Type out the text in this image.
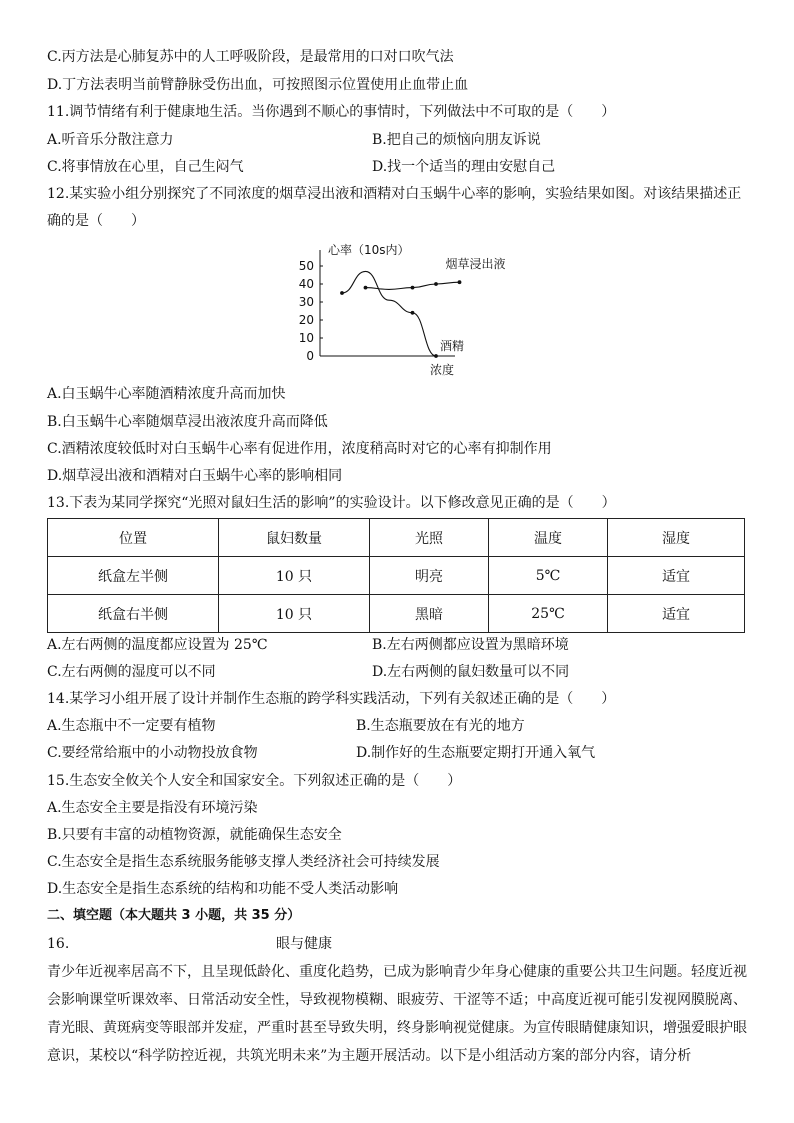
C.丙方法是心肺复苏中的人工呼吸阶段，是最常用的口对口吹气法
D.丁方法表明当前臂静脉受伤出血，可按照图示位置使用止血带止血
11.调节情绪有利于健康地生活。当你遇到不顺心的事情时，下列做法中不可取的是（　　）
A.听音乐分散注意力	B.把自己的烦恼向朋友诉说
C.将事情放在心里，自己生闷气	D.找一个适当的理由安慰自己
12.某实验小组分别探究了不同浓度的烟草浸出液和酒精对白玉蜗牛心率的影响，实验结果如图。对该结果描述正
确的是（　　）
50
40
30
20
10
0
心率（10s内）
浓度
烟草浸出液
酒精
A.白玉蜗牛心率随酒精浓度升高而加快
B.白玉蜗牛心率随烟草浸出液浓度升高而降低
C.酒精浓度较低时对白玉蜗牛心率有促进作用，浓度稍高时对它的心率有抑制作用
D.烟草浸出液和酒精对白玉蜗牛心率的影响相同
13.下表为某同学探究“光照对鼠妇生活的影响”的实验设计。以下修改意见正确的是（　　）
位置	鼠妇数量	光照	温度	湿度
纸盒左半侧	10 只	明亮	5℃	适宜
纸盒右半侧	10 只	黑暗	25℃	适宜
A.左右两侧的温度都应设置为 25℃	B.左右两侧都应设置为黑暗环境
C.左右两侧的湿度可以不同	D.左右两侧的鼠妇数量可以不同
14.某学习小组开展了设计并制作生态瓶的跨学科实践活动，下列有关叙述正确的是（　　）
A.生态瓶中不一定要有植物	B.生态瓶要放在有光的地方
C.要经常给瓶中的小动物投放食物	D.制作好的生态瓶要定期打开通入氧气
15.生态安全攸关个人安全和国家安全。下列叙述正确的是（　　）
A.生态安全主要是指没有环境污染
B.只要有丰富的动植物资源，就能确保生态安全
C.生态安全是指生态系统服务能够支撑人类经济社会可持续发展
D.生态安全是指生态系统的结构和功能不受人类活动影响
二、填空题（本大题共 3 小题，共 35 分）
16.	眼与健康
青少年近视率居高不下，且呈现低龄化、重度化趋势，已成为影响青少年身心健康的重要公共卫生问题。轻度近视会影响课堂听课效率、日常活动安全性，导致视物模糊、眼疲劳、干涩等不适；中高度近视可能引发视网膜脱离、青光眼、黄斑病变等眼部并发症，严重时甚至导致失明，终身影响视觉健康。为宣传眼睛健康知识，增强爱眼护眼意识，某校以“科学防控近视，共筑光明未来”为主题开展活动。以下是小组活动方案的部分内容，请分析
